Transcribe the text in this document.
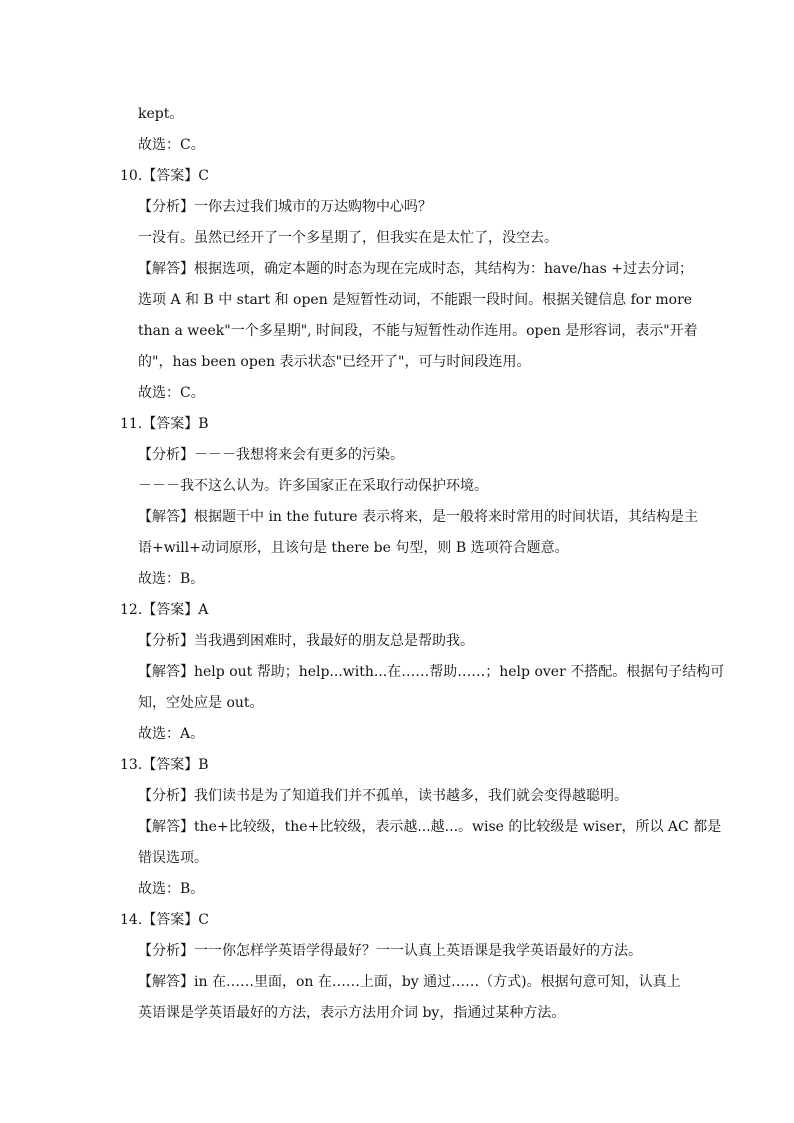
kept。
故选：C。
10.【答案】C
【分析】一你去过我们城市的万达购物中心吗？
一没有。虽然已经开了一个多星期了，但我实在是太忙了，没空去。
【解答】根据选项，确定本题的时态为现在完成时态，其结构为：have/has +过去分词；
选项 A 和 B 中 start 和 open 是短暂性动词，不能跟一段时间。根据关键信息 for more
than a week"一个多星期", 时间段，不能与短暂性动作连用。open 是形容词，表示"开着
的"，has been open 表示状态"已经开了"，可与时间段连用。
故选：C。
11.【答案】B
【分析】－－－我想将来会有更多的污染。
－－－我不这么认为。许多国家正在采取行动保护环境。
【解答】根据题干中 in the future 表示将来，是一般将来时常用的时间状语，其结构是主
语+will+动词原形，且该句是 there be 句型，则 B 选项符合题意。
故选：B。
12.【答案】A
【分析】当我遇到困难时，我最好的朋友总是帮助我。
【解答】help out 帮助；help...with...在……帮助……；help over 不搭配。根据句子结构可
知，空处应是 out。
故选：A。
13.【答案】B
【分析】我们读书是为了知道我们并不孤单，读书越多，我们就会变得越聪明。
【解答】the+比较级，the+比较级，表示越...越...。wise 的比较级是 wiser，所以 AC 都是
错误选项。
故选：B。
14.【答案】C
【分析】一一你怎样学英语学得最好？一一认真上英语课是我学英语最好的方法。
【解答】in 在……里面，on 在……上面，by 通过……（方式)。根据句意可知，认真上
英语课是学英语最好的方法，表示方法用介词 by，指通过某种方法。
